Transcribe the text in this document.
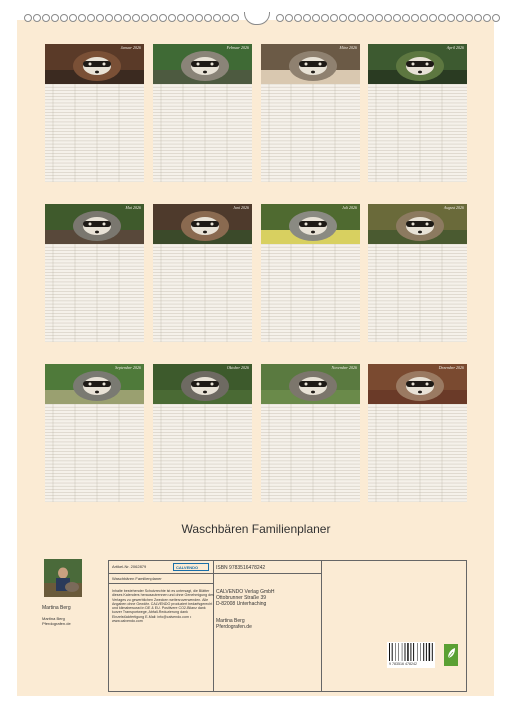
Januar 2026	Februar 2026	März 2026	April 2026
Mai 2026	Juni 2026	Juli 2026	August 2026
September 2026	Oktober 2026	November 2026	Dezember 2026
Waschbären Familienplaner
Martina Berg
Martina Berg
Pferdografen.de
Artikel-Nr. 2062879	CALVENDO
Waschbären Familienplaner
Inhalte bestehender Schutzrechte ist es untersagt, die Blätter dieses Kalenders herauszutrennen und ohne Genehmigung des Verlages zu gewerblichen Zwecken weiterzuverwenden. Alle Angaben ohne Gewähr. CALVENDO produziert bedarfsgerecht und klimabewusst in DE & EU. Positivere CO2-Bilanz dank kurzer Transportwege, Abfall-Reduzierung dank Einzelstückfertigung E-Mail: info@calvendo.com • www.calvendo.com
ISBN 9783516478242
CALVENDO Verlag GmbH
Ottobrunner Straße 39
D-82008 Unterhaching
Martina Berg
Pferdografen.de
9 783516 478242
